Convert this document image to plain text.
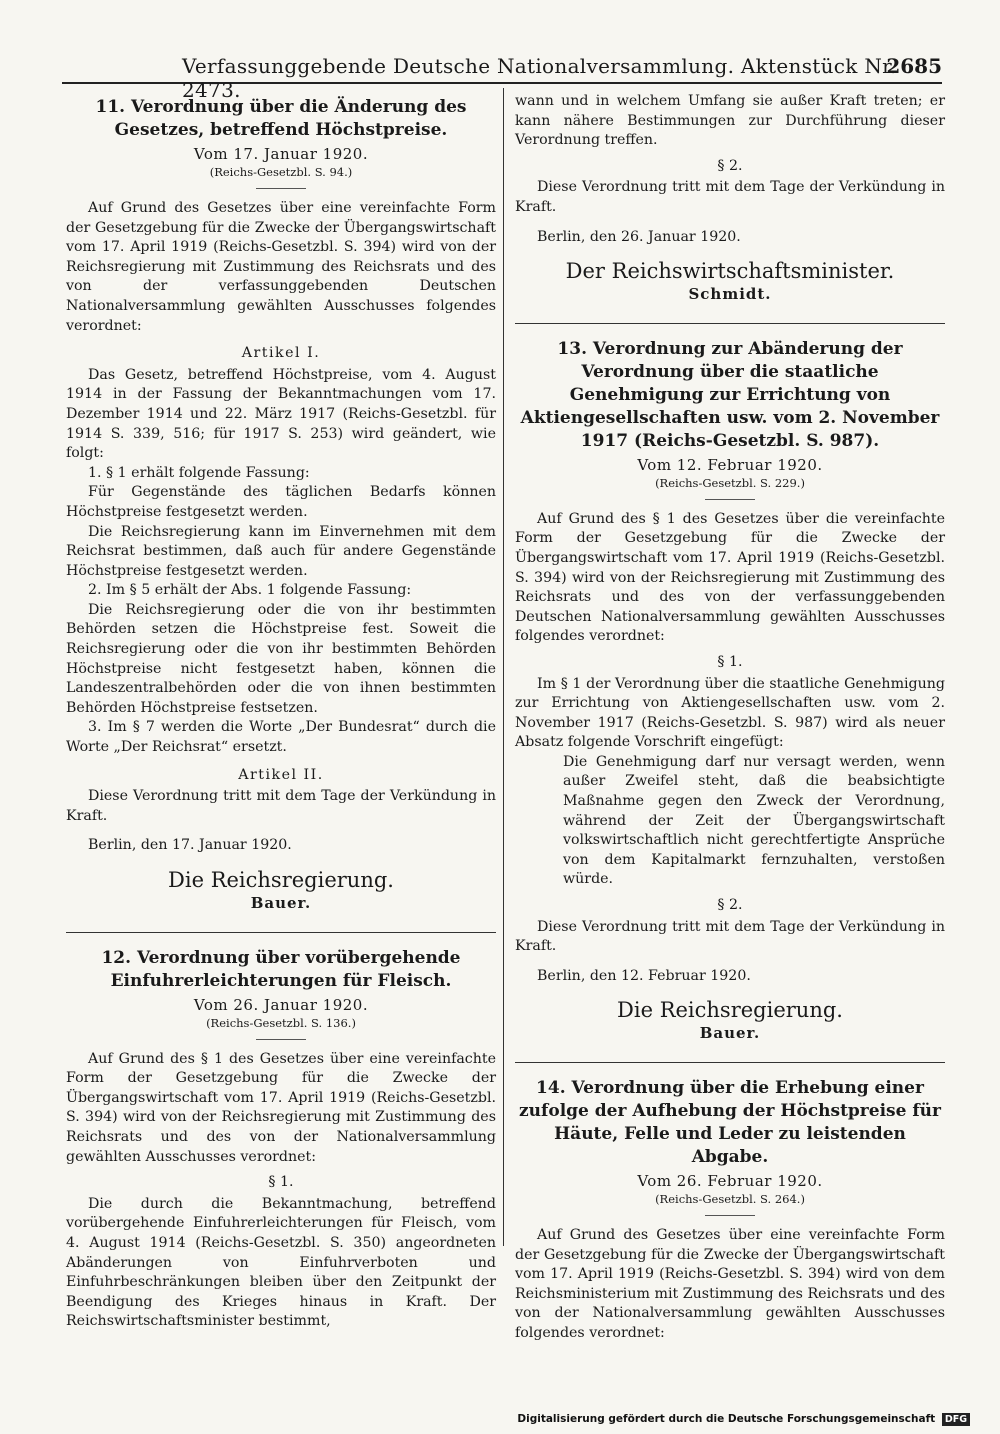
Verfassunggebende Deutsche Nationalversammlung. Aktenstück Nr. 2473.
2685
11. Verordnung über die Änderung des Gesetzes, betreffend Höchstpreise.
Vom 17. Januar 1920.
(Reichs-Gesetzbl. S. 94.)

Auf Grund des Gesetzes über eine vereinfachte Form der Gesetzgebung für die Zwecke der Übergangswirtschaft vom 17. April 1919 (Reichs-Gesetzbl. S. 394) wird von der Reichsregierung mit Zustimmung des Reichsrats und des von der verfassunggebenden Deutschen Nationalversammlung gewählten Ausschusses folgendes verordnet:

Artikel I.

Das Gesetz, betreffend Höchstpreise, vom 4. August 1914 in der Fassung der Bekanntmachungen vom 17. Dezember 1914 und 22. März 1917 (Reichs-Gesetzbl. für 1914 S. 339, 516; für 1917 S. 253) wird geändert, wie folgt:

1. § 1 erhält folgende Fassung:

Für Gegenstände des täglichen Bedarfs können Höchstpreise festgesetzt werden.

Die Reichsregierung kann im Einvernehmen mit dem Reichsrat bestimmen, daß auch für andere Gegenstände Höchstpreise festgesetzt werden.

2. Im § 5 erhält der Abs. 1 folgende Fassung:

Die Reichsregierung oder die von ihr bestimmten Behörden setzen die Höchstpreise fest. Soweit die Reichsregierung oder die von ihr bestimmten Behörden Höchstpreise nicht festgesetzt haben, können die Landeszentralbehörden oder die von ihnen bestimmten Behörden Höchstpreise festsetzen.

3. Im § 7 werden die Worte „Der Bundesrat“ durch die Worte „Der Reichsrat“ ersetzt.

Artikel II.

Diese Verordnung tritt mit dem Tage der Verkündung in Kraft.

Berlin, den 17. Januar 1920.

Die Reichsregierung.
Bauer.
12. Verordnung über vorübergehende Einfuhrerleichterungen für Fleisch.
Vom 26. Januar 1920.
(Reichs-Gesetzbl. S. 136.)

Auf Grund des § 1 des Gesetzes über eine vereinfachte Form der Gesetzgebung für die Zwecke der Übergangswirtschaft vom 17. April 1919 (Reichs-Gesetzbl. S. 394) wird von der Reichsregierung mit Zustimmung des Reichsrats und des von der Nationalversammlung gewählten Ausschusses verordnet:

§ 1.

Die durch die Bekanntmachung, betreffend vorübergehende Einfuhrerleichterungen für Fleisch, vom 4. August 1914 (Reichs-Gesetzbl. S. 350) angeordneten Abänderungen von Einfuhrverboten und Einfuhrbeschränkungen bleiben über den Zeitpunkt der Beendigung des Krieges hinaus in Kraft. Der Reichswirtschaftsminister bestimmt,

wann und in welchem Umfang sie außer Kraft treten; er kann nähere Bestimmungen zur Durchführung dieser Verordnung treffen.

§ 2.

Diese Verordnung tritt mit dem Tage der Verkündung in Kraft.

Berlin, den 26. Januar 1920.

Der Reichswirtschaftsminister.
Schmidt.
13. Verordnung zur Abänderung der Verordnung über die staatliche Genehmigung zur Errichtung von Aktiengesellschaften usw. vom 2. November 1917 (Reichs-Gesetzbl. S. 987).
Vom 12. Februar 1920.
(Reichs-Gesetzbl. S. 229.)

Auf Grund des § 1 des Gesetzes über die vereinfachte Form der Gesetzgebung für die Zwecke der Übergangswirtschaft vom 17. April 1919 (Reichs-Gesetzbl. S. 394) wird von der Reichsregierung mit Zustimmung des Reichsrats und des von der verfassunggebenden Deutschen Nationalversammlung gewählten Ausschusses folgendes verordnet:

§ 1.

Im § 1 der Verordnung über die staatliche Genehmigung zur Errichtung von Aktiengesellschaften usw. vom 2. November 1917 (Reichs-Gesetzbl. S. 987) wird als neuer Absatz folgende Vorschrift eingefügt:

Die Genehmigung darf nur versagt werden, wenn außer Zweifel steht, daß die beabsichtigte Maßnahme gegen den Zweck der Verordnung, während der Zeit der Übergangswirtschaft volkswirtschaftlich nicht gerechtfertigte Ansprüche von dem Kapitalmarkt fernzuhalten, verstoßen würde.

§ 2.

Diese Verordnung tritt mit dem Tage der Verkündung in Kraft.

Berlin, den 12. Februar 1920.

Die Reichsregierung.
Bauer.
14. Verordnung über die Erhebung einer zufolge der Aufhebung der Höchstpreise für Häute, Felle und Leder zu leistenden Abgabe.
Vom 26. Februar 1920.
(Reichs-Gesetzbl. S. 264.)

Auf Grund des Gesetzes über eine vereinfachte Form der Gesetzgebung für die Zwecke der Übergangswirtschaft vom 17. April 1919 (Reichs-Gesetzbl. S. 394) wird von dem Reichsministerium mit Zustimmung des Reichsrats und des von der Nationalversammlung gewählten Ausschusses folgendes verordnet:

Digitalisierung gefördert durch die Deutsche Forschungsgemeinschaft DFG
